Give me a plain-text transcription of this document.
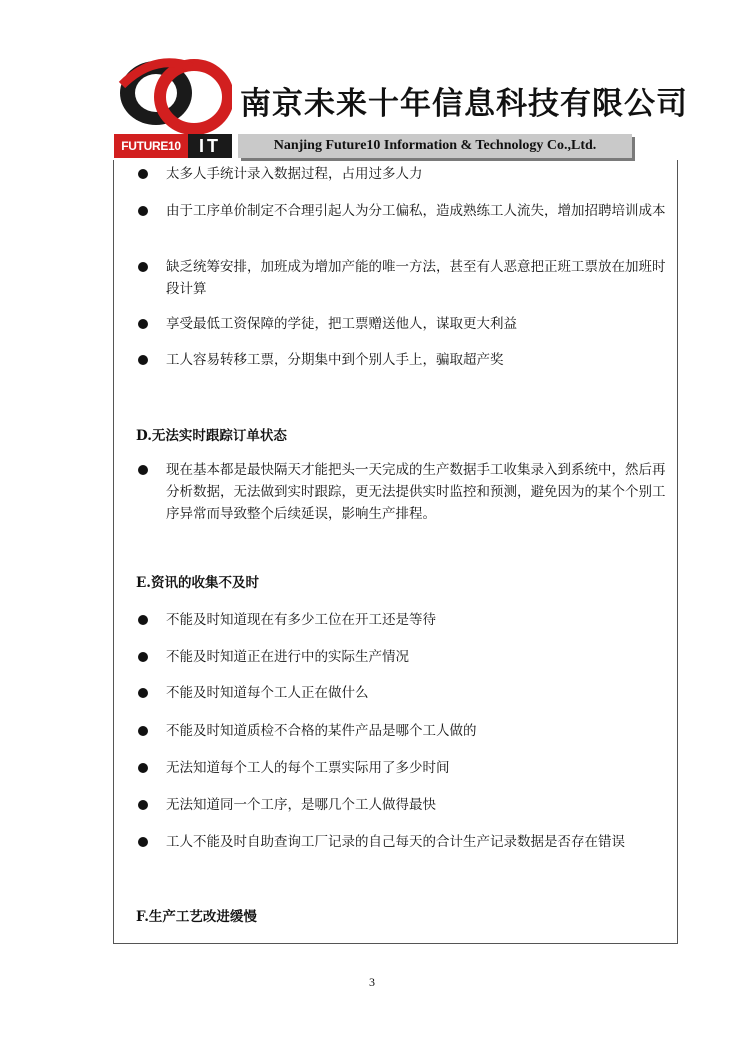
南京未来十年信息科技有限公司
FUTURE10	IT	Nanjing Future10 Information & Technology Co.,Ltd.
太多人手统计录入数据过程，占用过多人力
由于工序单价制定不合理引起人为分工偏私，造成熟练工人流失，增加招聘培训成本
缺乏统筹安排，加班成为增加产能的唯一方法，甚至有人恶意把正班工票放在加班时段计算
享受最低工资保障的学徒，把工票赠送他人，谋取更大利益
工人容易转移工票，分期集中到个别人手上，骗取超产奖
D.无法实时跟踪订单状态
现在基本都是最快隔天才能把头一天完成的生产数据手工收集录入到系统中，然后再分析数据，无法做到实时跟踪，更无法提供实时监控和预测，避免因为的某个个别工序异常而导致整个后续延误，影响生产排程。
E.资讯的收集不及时
不能及时知道现在有多少工位在开工还是等待
不能及时知道正在进行中的实际生产情况
不能及时知道每个工人正在做什么
不能及时知道质检不合格的某件产品是哪个工人做的
无法知道每个工人的每个工票实际用了多少时间
无法知道同一个工序，是哪几个工人做得最快
工人不能及时自助查询工厂记录的自己每天的合计生产记录数据是否存在错误
F.生产工艺改进缓慢
3
